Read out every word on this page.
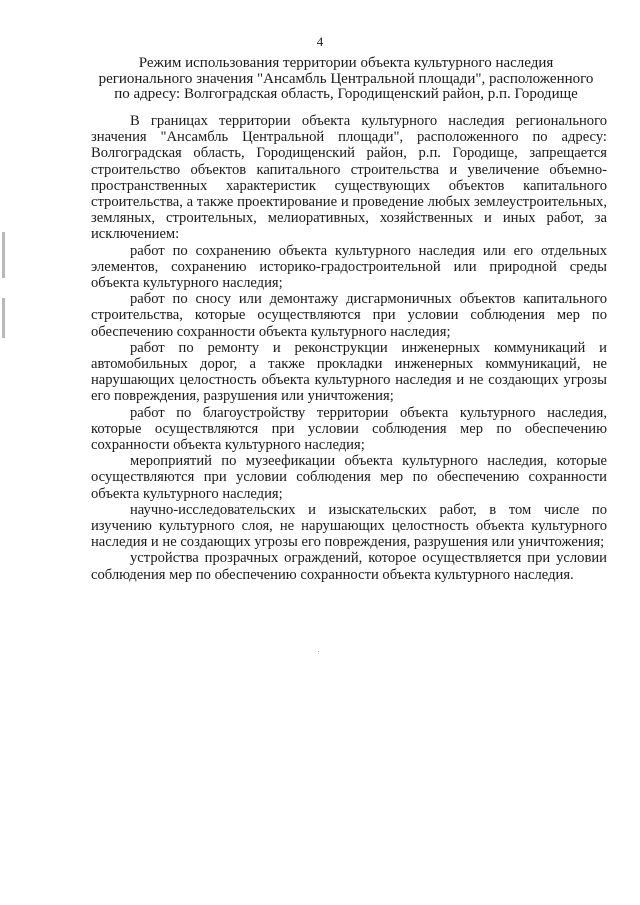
4
Режим использования территории объекта культурного наследия
регионального значения "Ансамбль Центральной площади", расположенного
по адресу: Волгоградская область, Городищенский район, р.п. Городище

В границах территории объекта культурного наследия регионального значения "Ансамбль Центральной площади", расположенного по адресу: Волгоградская область, Городищенский район, р.п. Городище, запрещается строительство объектов капитального строительства и увеличение объемно-пространственных характеристик существующих объектов капитального строительства, а также проектирование и проведение любых землеустроительных, земляных, строительных, мелиоративных, хозяйственных и иных работ, за исключением:

работ по сохранению объекта культурного наследия или его отдельных элементов, сохранению историко-градостроительной или природной среды объекта культурного наследия;

работ по сносу или демонтажу дисгармоничных объектов капитального строительства, которые осуществляются при условии соблюдения мер по обеспечению сохранности объекта культурного наследия;

работ по ремонту и реконструкции инженерных коммуникаций и автомобильных дорог, а также прокладки инженерных коммуникаций, не нарушающих целостность объекта культурного наследия и не создающих угрозы его повреждения, разрушения или уничтожения;

работ по благоустройству территории объекта культурного наследия, которые осуществляются при условии соблюдения мер по обеспечению сохранности объекта культурного наследия;

мероприятий по музеефикации объекта культурного наследия, которые осуществляются при условии соблюдения мер по обеспечению сохранности объекта культурного наследия;

научно-исследовательских и изыскательских работ, в том числе по изучению культурного слоя, не нарушающих целостность объекта культурного наследия и не создающих угрозы его повреждения, разрушения или уничтожения;

устройства прозрачных ограждений, которое осуществляется при условии соблюдения мер по обеспечению сохранности объекта культурного наследия.
